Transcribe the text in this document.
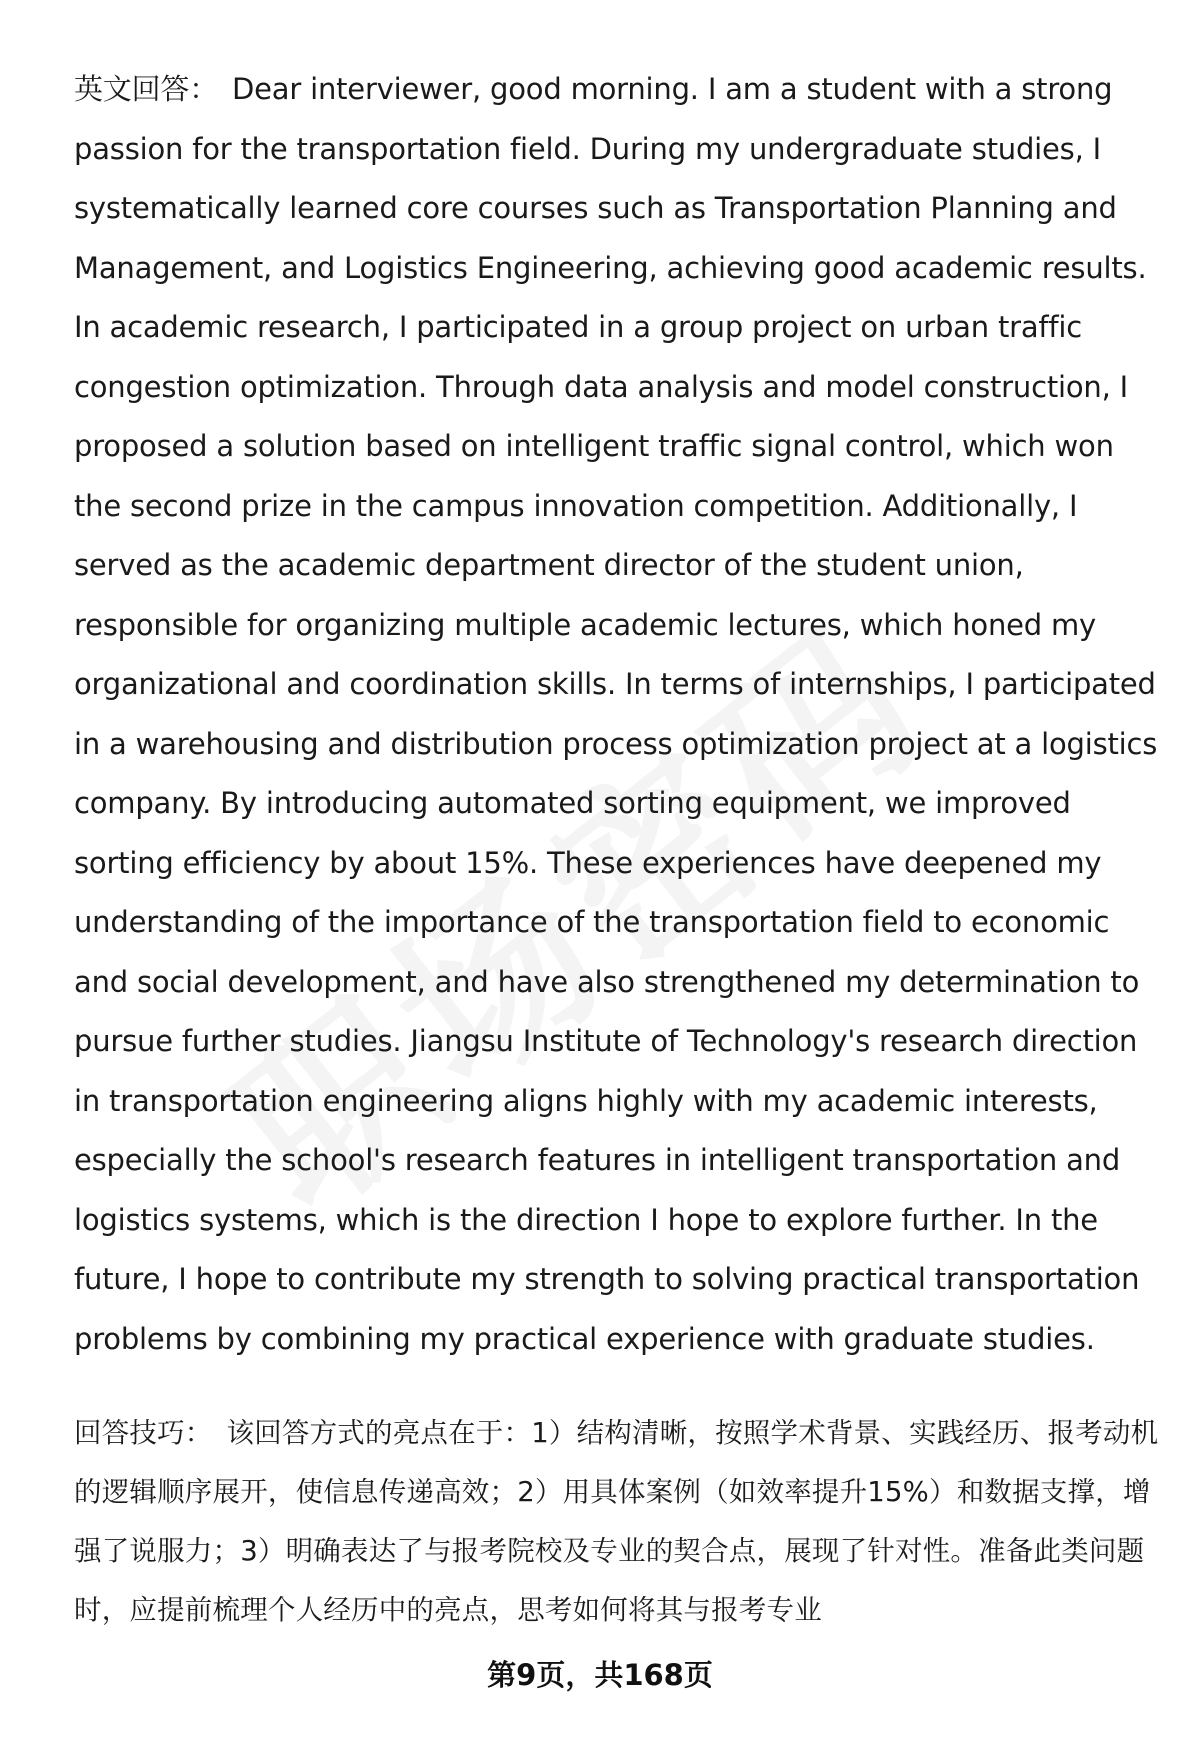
英文回答： Dear interviewer, good morning. I am a student with a strong passion for the transportation field. During my undergraduate studies, I systematically learned core courses such as Transportation Planning and Management, and Logistics Engineering, achieving good academic results. In academic research, I participated in a group project on urban traffic congestion optimization. Through data analysis and model construction, I proposed a solution based on intelligent traffic signal control, which won the second prize in the campus innovation competition. Additionally, I served as the academic department director of the student union, responsible for organizing multiple academic lectures, which honed my organizational and coordination skills. In terms of internships, I participated in a warehousing and distribution process optimization project at a logistics company. By introducing automated sorting equipment, we improved sorting efficiency by about 15%. These experiences have deepened my understanding of the importance of the transportation field to economic and social development, and have also strengthened my determination to pursue further studies. Jiangsu Institute of Technology's research direction in transportation engineering aligns highly with my academic interests, especially the school's research features in intelligent transportation and logistics systems, which is the direction I hope to explore further. In the future, I hope to contribute my strength to solving practical transportation problems by combining my practical experience with graduate studies.
回答技巧： 该回答方式的亮点在于：1）结构清晰，按照学术背景、实践经历、报考动机的逻辑顺序展开，使信息传递高效；2）用具体案例（如效率提升15%）和数据支撑，增强了说服力；3）明确表达了与报考院校及专业的契合点，展现了针对性。准备此类问题时，应提前梳理个人经历中的亮点，思考如何将其与报考专业
第9页，共168页
